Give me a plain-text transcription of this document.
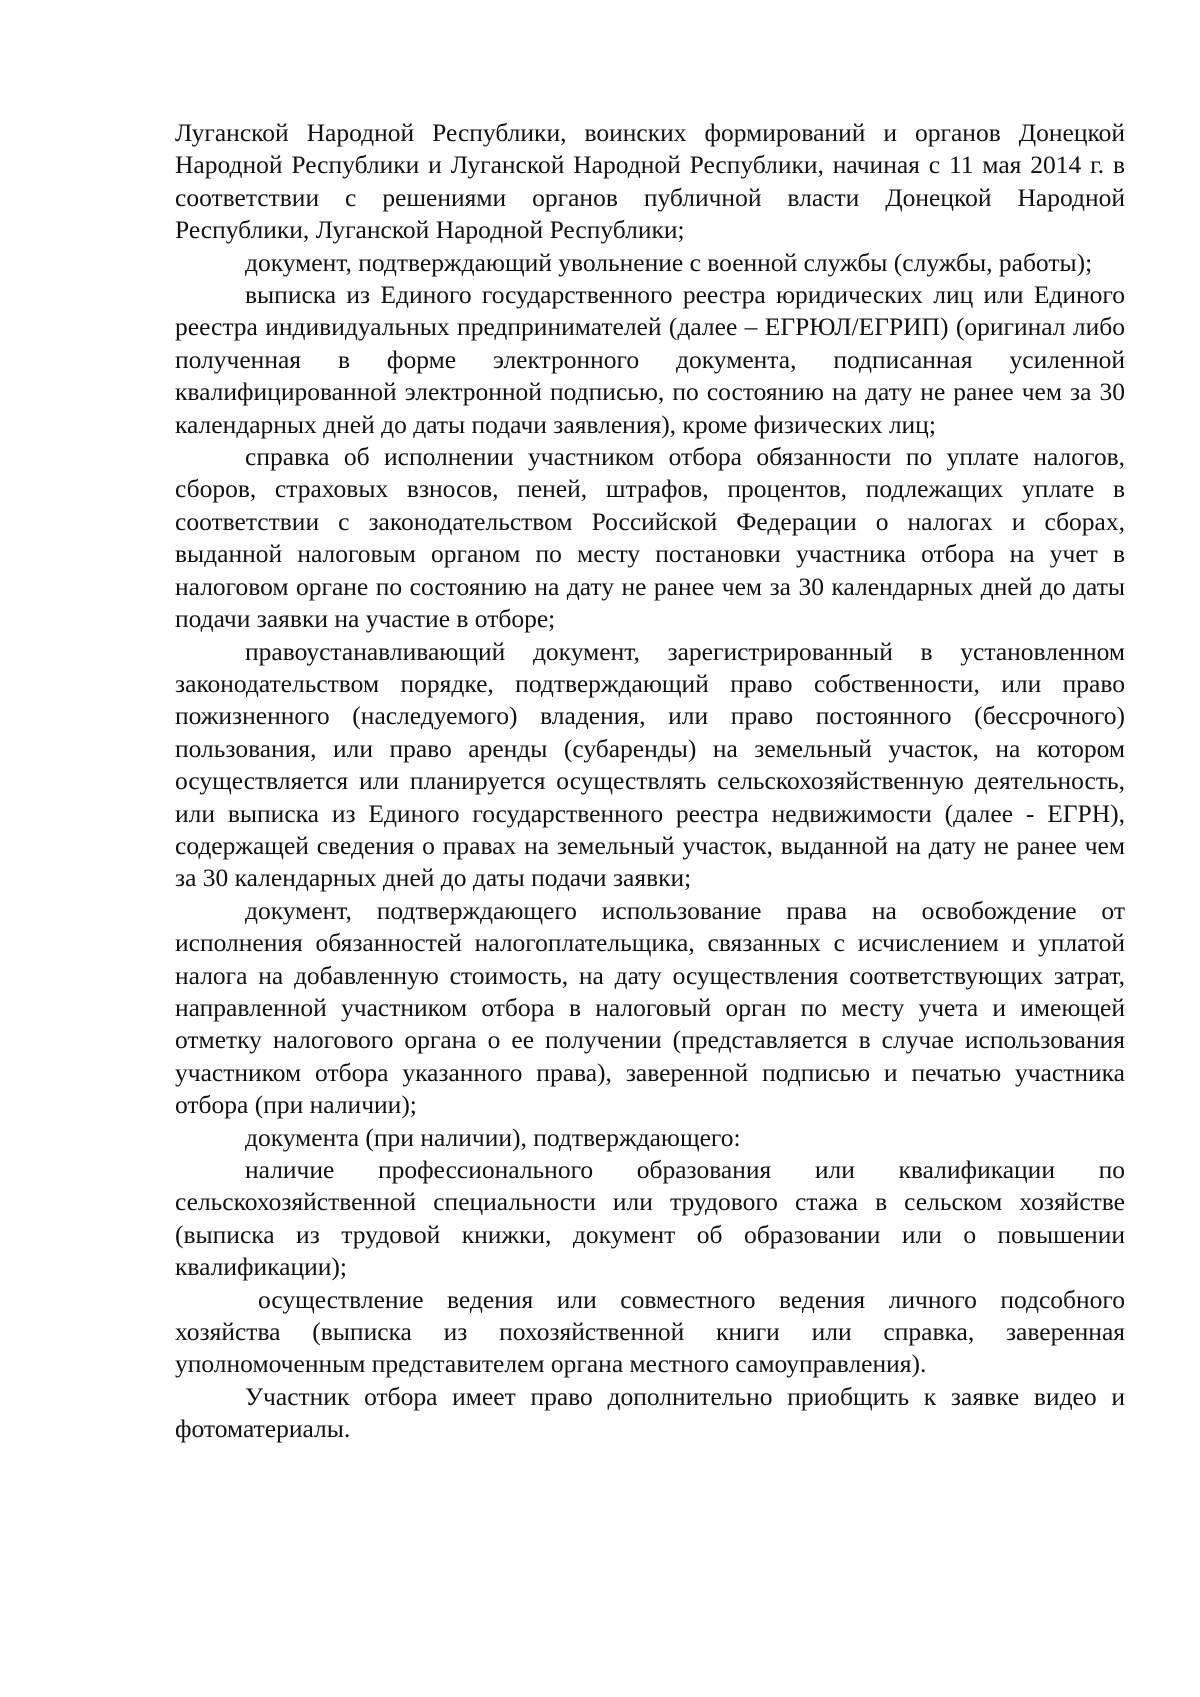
Луганской Народной Республики, воинских формирований и органов Донецкой Народной Республики и Луганской Народной Республики, начиная с 11 мая 2014 г. в соответствии с решениями органов публичной власти Донецкой Народной Республики, Луганской Народной Республики;

документ, подтверждающий увольнение с военной службы (службы, работы);

выписка из Единого государственного реестра юридических лиц или Единого реестра индивидуальных предпринимателей (далее – ЕГРЮЛ/ЕГРИП) (оригинал либо полученная в форме электронного документа, подписанная усиленной квалифицированной электронной подписью, по состоянию на дату не ранее чем за 30 календарных дней до даты подачи заявления), кроме физических лиц;

справка об исполнении участником отбора обязанности по уплате налогов, сборов, страховых взносов, пеней, штрафов, процентов, подлежащих уплате в соответствии с законодательством Российской Федерации о налогах и сборах, выданной налоговым органом по месту постановки участника отбора на учет в налоговом органе по состоянию на дату не ранее чем за 30 календарных дней до даты подачи заявки на участие в отборе;

правоустанавливающий документ, зарегистрированный в установленном законодательством порядке, подтверждающий право собственности, или право пожизненного (наследуемого) владения, или право постоянного (бессрочного) пользования, или право аренды (субаренды) на земельный участок, на котором осуществляется или планируется осуществлять сельскохозяйственную деятельность, или выписка из Единого государственного реестра недвижимости (далее - ЕГРН), содержащей сведения о правах на земельный участок, выданной на дату не ранее чем за 30 календарных дней до даты подачи заявки;

документ, подтверждающего использование права на освобождение от исполнения обязанностей налогоплательщика, связанных с исчислением и уплатой налога на добавленную стоимость, на дату осуществления соответствующих затрат, направленной участником отбора в налоговый орган по месту учета и имеющей отметку налогового органа о ее получении (представляется в случае использования участником отбора указанного права), заверенной подписью и печатью участника отбора (при наличии);

документа (при наличии), подтверждающего:

наличие профессионального образования или квалификации по сельскохозяйственной специальности или трудового стажа в сельском хозяйстве (выписка из трудовой книжки, документ об образовании или о повышении квалификации);

осуществление ведения или совместного ведения личного подсобного хозяйства (выписка из похозяйственной книги или справка, заверенная уполномоченным представителем органа местного самоуправления).

Участник отбора имеет право дополнительно приобщить к заявке видео и фотоматериалы.
